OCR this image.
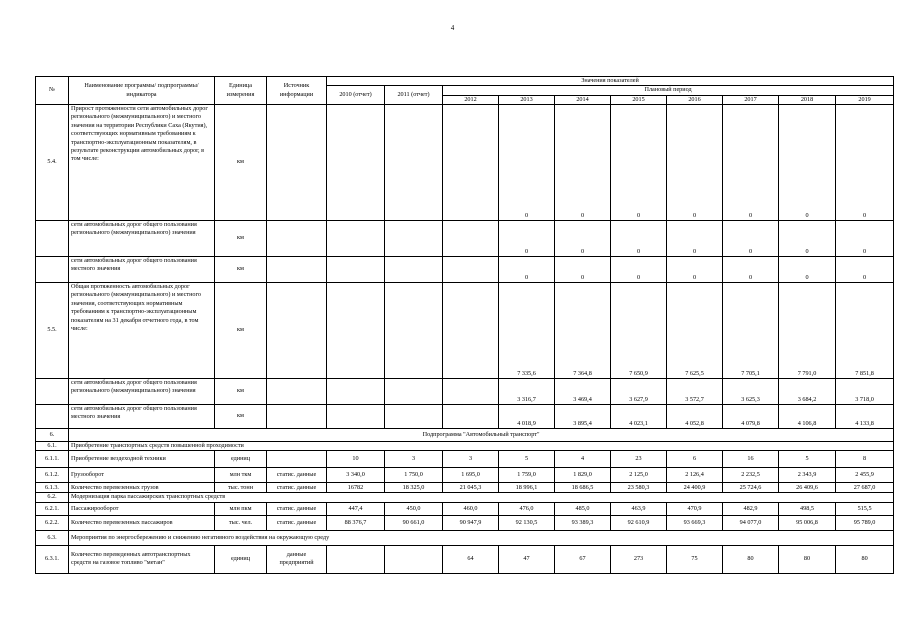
4
№	Наименование программы/ подпрограммы/ индикатора	Единица измерения	Источник информации	Значения показателей									
				2010 (отчет)	2011 (отчет)	Плановый период							
						2012	2013	2014	2015	2016	2017	2018	2019
5.4.	Прирост протяженности сети автомобильных дорог регионального (межмуниципального) и местного значения на территории Республики Саха (Якутия), соответствующих нормативным требованиям к транспортно-эксплуатационным показателям, в результате реконструкции автомобильных дорог, в том числе:	км					0	0	0	0	0	0	0
	сети автомобильных дорог общего пользования регионального (межмуниципального) значения	км					0	0	0	0	0	0	0
	сети автомобильных дорог общего пользования местного значения	км					0	0	0	0	0	0	0
5.5.	Общая протяженность автомобильных дорог регионального (межмуниципального) и местного значения, соответствующих нормативным требованиям к транспортно-эксплуатационным показателям на 31 декабря отчетного года, в том числе:	км					7 335,6	7 364,8	7 650,9	7 625,5	7 705,1	7 791,0	7 851,8
	сети автомобильных дорог общего пользования регионального (межмуниципального) значения	км					3 316,7	3 469,4	3 627,9	3 572,7	3 625,3	3 684,2	3 718,0
	сети автомобильных дорог общего пользования местного значения	км					4 018,9	3 895,4	4 023,1	4 052,8	4 079,8	4 106,8	4 133,8
6.	Подпрограмма "Автомобильный транспорт"												
6.1.	Приобретение транспортных средств повышенной проходимости												
6.1.1.	Приобретение вездеходной техники	единиц		10	3	3	5	4	23	6	16	5	8
6.1.2.	Грузооборот	млн ткм	статис. данные	3 340,0	1 750,0	1 695,0	1 759,0	1 829,0	2 125,0	2 126,4	2 232,5	2 343,9	2 455,9
6.1.3.	Количество перевезенных грузов	тыс. тонн	статис. данные	16782	18 325,0	21 045,3	18 996,1	18 686,5	23 580,3	24 400,9	25 724,6	26 409,6	27 687,0
6.2.	Модернизация парка пассажирских транспортных средств												
6.2.1.	Пассажирооборот	млн пкм	статис. данные	447,4	450,0	460,0	476,0	485,0	463,9	470,9	482,9	498,5	515,5
6.2.2.	Количество перевезенных пассажиров	тыс. чел.	статис. данные	88 376,7	90 661,0	90 947,9	92 130,5	93 389,3	92 610,9	93 669,3	94 077,0	95 006,8	95 789,0
6.3.	Мероприятия по энергосбережению и снижению негативного воздействия на окружающую среду												
6.3.1.	Количество переведенных автотранспортных средств на газовое топливо "метан"	единиц	данные предприятий			64	47	67	273	75	80	80	80
